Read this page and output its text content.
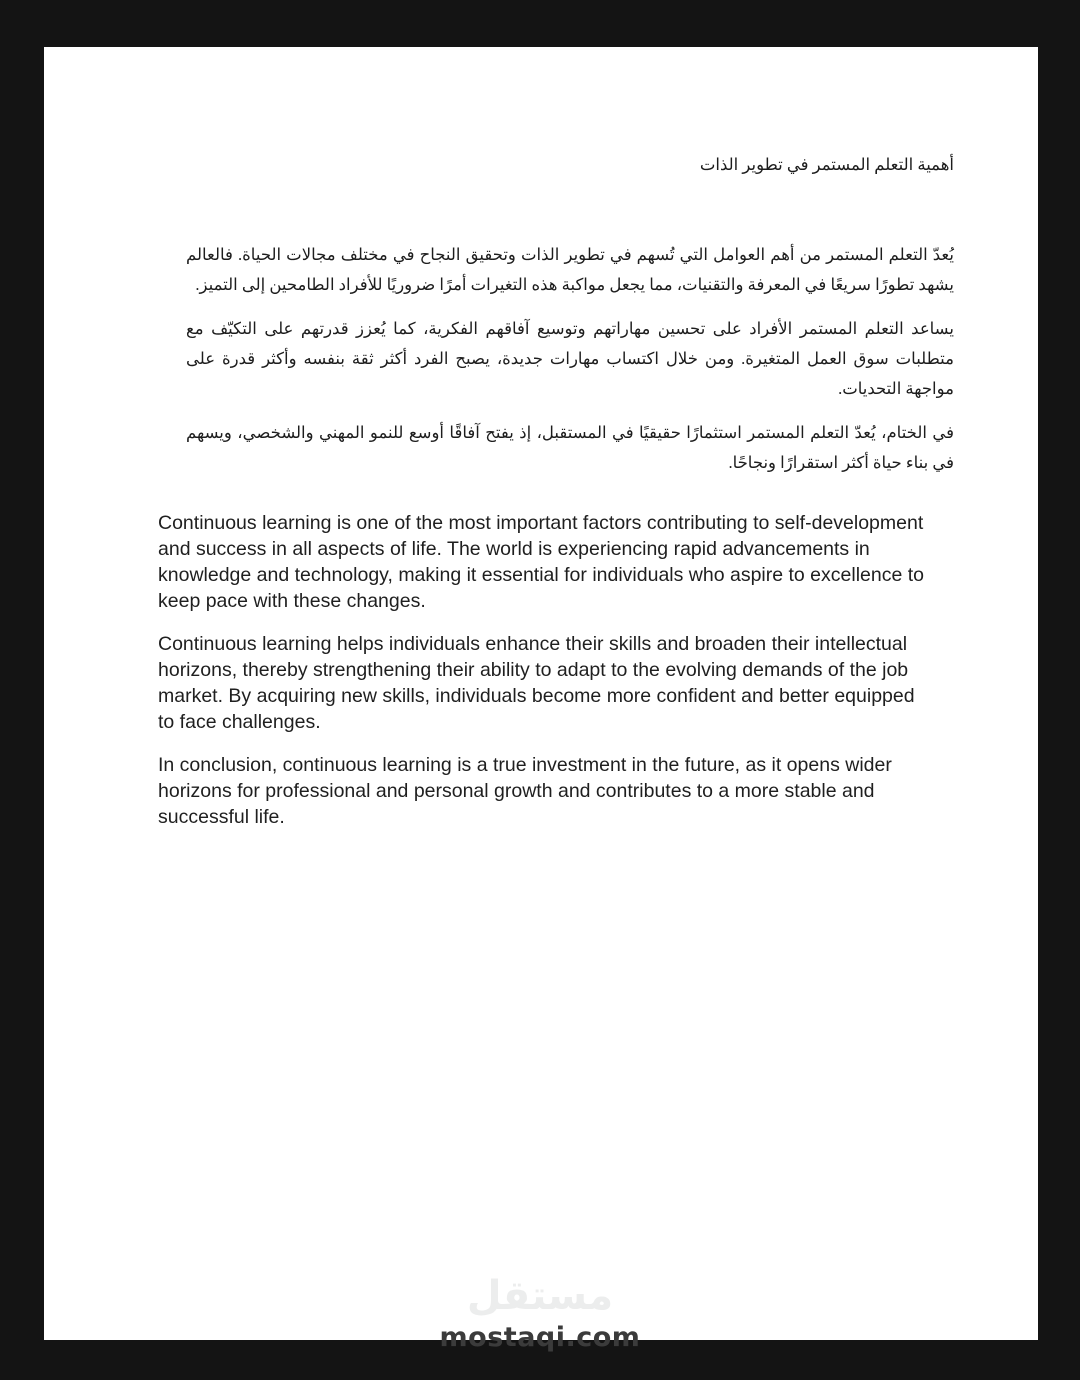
أهمية التعلم المستمر في تطوير الذات

يُعدّ التعلم المستمر من أهم العوامل التي تُسهم في تطوير الذات وتحقيق النجاح في مختلف مجالات الحياة. فالعالم يشهد تطورًا سريعًا في المعرفة والتقنيات، مما يجعل مواكبة هذه التغيرات أمرًا ضروريًا للأفراد الطامحين إلى التميز.

يساعد التعلم المستمر الأفراد على تحسين مهاراتهم وتوسيع آفاقهم الفكرية، كما يُعزز قدرتهم على التكيّف مع متطلبات سوق العمل المتغيرة. ومن خلال اكتساب مهارات جديدة، يصبح الفرد أكثر ثقة بنفسه وأكثر قدرة على مواجهة التحديات.

في الختام، يُعدّ التعلم المستمر استثمارًا حقيقيًا في المستقبل، إذ يفتح آفاقًا أوسع للنمو المهني والشخصي، ويسهم في بناء حياة أكثر استقرارًا ونجاحًا.

Continuous learning is one of the most important factors contributing to self-development and success in all aspects of life. The world is experiencing rapid advancements in knowledge and technology, making it essential for individuals who aspire to excellence to keep pace with these changes.

Continuous learning helps individuals enhance their skills and broaden their intellectual horizons, thereby strengthening their ability to adapt to the evolving demands of the job market. By acquiring new skills, individuals become more confident and better equipped to face challenges.

In conclusion, continuous learning is a true investment in the future, as it opens wider horizons for professional and personal growth and contributes to a more stable and successful life.

مستقل
mostaqi.com
